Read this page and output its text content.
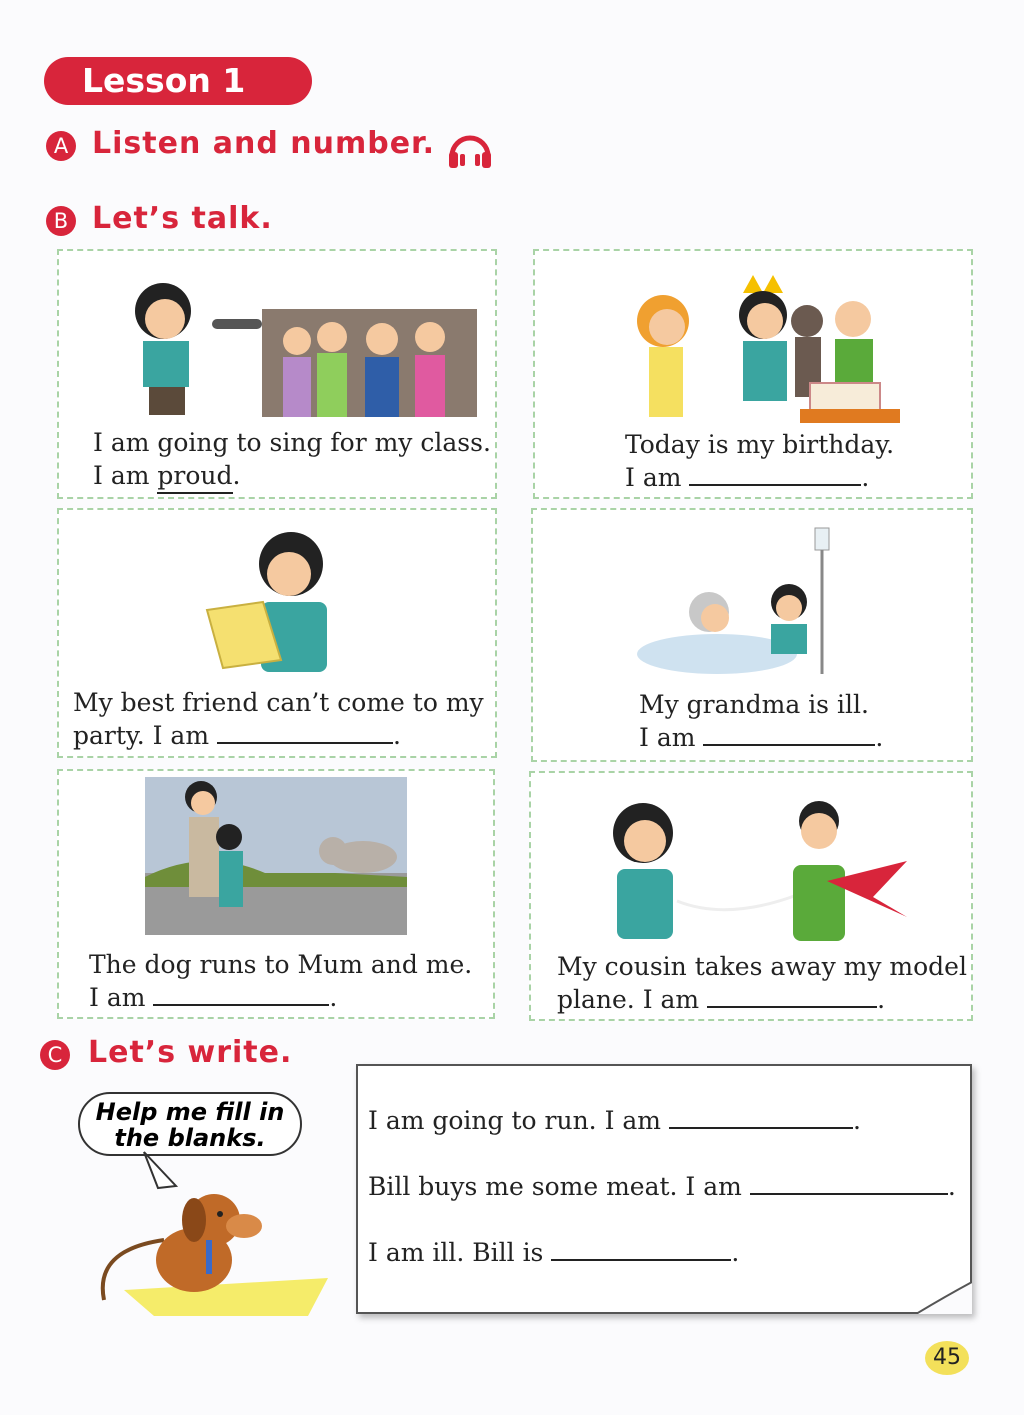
Lesson 1
A Listen and number.
B Let’s talk.
I am going to sing for my class.
I am proud.
Today is my birthday.
I am	.
My best friend can’t come to my
party. I am	.
My grandma is ill.
I am	.
The dog runs to Mum and me.
I am	.
My cousin takes away my model
plane. I am	.
C Let’s write.
Help me fill in the blanks.
I am going to run. I am	.
Bill buys me some meat. I am	.
I am ill. Bill is	.
45
